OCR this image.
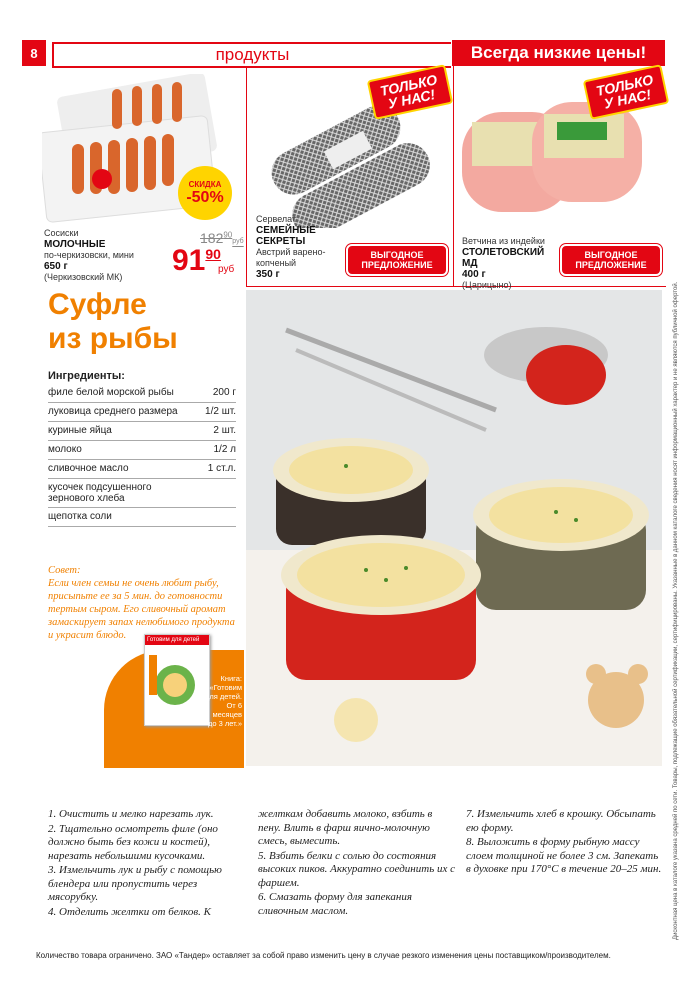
8	продукты	Всегда низкие цены!
СКИДКА
-50%
Сосиски
МОЛОЧНЫЕ
по-черкизовски, мини
650 г
(Черкизовский МК)
$182^{90}руб$
9190
руб
ТОЛЬКО У НАС!
Сервелат
СЕМЕЙНЫЕ СЕКРЕТЫ
Австрий варено-копченый
350 г
ВЫГОДНОЕ ПРЕДЛОЖЕНИЕ
ТОЛЬКО У НАС!
Ветчина из индейки
СТОЛЕТОВСКИЙ МД
400 г
(Царицыно)
ВЫГОДНОЕ ПРЕДЛОЖЕНИЕ
Суфле
из рыбы
Ингредиенты:
филе белой морской рыбы	200 г
луковица среднего размера	1/2 шт.
куриные яйца	2 шт.
молоко	1/2 л
сливочное масло	1 ст.л.
кусочек подсушенного зернового хлеба
щепотка соли
Совет:
Если член семьи не очень любит рыбу, присыпьте ее за 5 мин. до готовности тертым сыром. Его сливочный аромат замаскирует запах нелюбимого продукта и украсит блюдо.	Готовим для детей
Книга: «Готовим для детей. От 6 месяцев до 3 лет.»
1. Очистить и мелко нарезать лук.
2. Тщательно осмотреть филе (оно должно быть без кожи и костей), нарезать небольшими кусочками.
3. Измельчить лук и рыбу с помощью блендера или пропустить через мясорубку.
4. Отделить желтки от белков. К
желткам добавить молоко, взбить в пену. Влить в фарш яично-молочную смесь, вымесить.
5. Взбить белки с солью до состояния высоких пиков. Аккуратно соединить их с фаршем.
6. Смазать форму для запекания сливочным маслом.
7. Измельчить хлеб в крошку. Обсыпать ею форму.
8. Выложить в форму рыбную массу слоем толщиной не более 3 см. Запекать в духовке при 170°С в течение 20–25 мин.
Количество товара ограничено. ЗАО «Тандер» оставляет за собой право изменить цену в случае резкого изменения цены поставщиком/производителем.
Дисконтная цена в каталоге указана средней по сети. Товары, подлежащие обязательной сертификации, сертифицированы. Указанные в данном каталоге сведения носят информационный характер и не являются публичной офертой.
